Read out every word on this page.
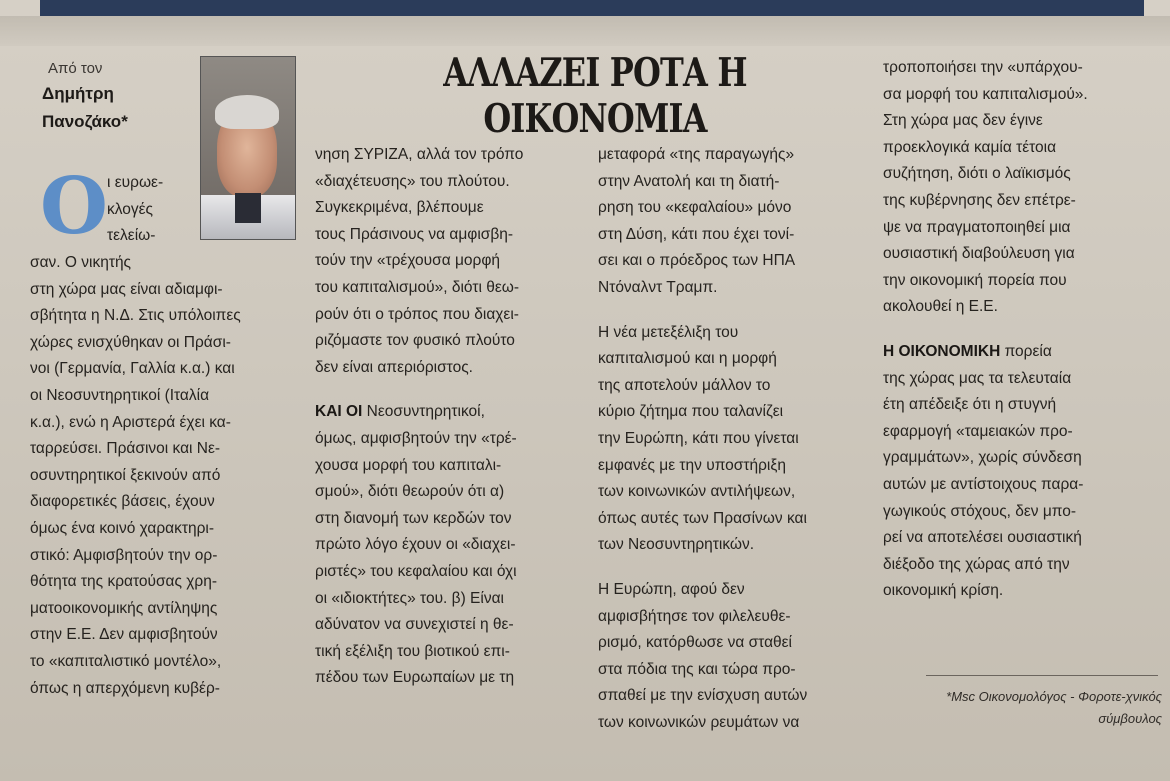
ΑΛΛΑΖΕΙ ΡΟΤΑ Η ΟΙΚΟΝΟΜΙΑ
Από τον
Δημήτρη
Πανοζάκο*
Ο ι ευρωε-
κλογές
τελείω-
σαν. Ο νικητής
στη χώρα μας είναι αδιαμφι-
σβήτητα η Ν.Δ. Στις υπόλοιπες
χώρες ενισχύθηκαν οι Πράσι-
νοι (Γερμανία, Γαλλία κ.α.) και
οι Νεοσυντηρητικοί (Ιταλία
κ.α.), ενώ η Αριστερά έχει κα-
ταρρεύσει. Πράσινοι και Νε-
οσυντηρητικοί ξεκινούν από
διαφορετικές βάσεις, έχουν
όμως ένα κοινό χαρακτηρι-
στικό: Αμφισβητούν την ορ-
θότητα της κρατούσας χρη-
ματοοικονομικής αντίληψης
στην Ε.Ε. Δεν αμφισβητούν
το «καπιταλιστικό μοντέλο»,
όπως η απερχόμενη κυβέρ-
νηση ΣΥΡΙΖΑ, αλλά τον τρόπο
«διαχέτευσης» του πλούτου.
Συγκεκριμένα, βλέπουμε
τους Πράσινους να αμφισβη-
τούν την «τρέχουσα μορφή
του καπιταλισμού», διότι θεω-
ρούν ότι ο τρόπος που διαχει-
ριζόμαστε τον φυσικό πλούτο
δεν είναι απεριόριστος.
ΚΑΙ ΟΙ Νεοσυντηρητικοί,
όμως, αμφισβητούν την «τρέ-
χουσα μορφή του καπιταλι-
σμού», διότι θεωρούν ότι α)
στη διανομή των κερδών τον
πρώτο λόγο έχουν οι «διαχει-
ριστές» του κεφαλαίου και όχι
οι «ιδιοκτήτες» του. β) Είναι
αδύνατον να συνεχιστεί η θε-
τική εξέλιξη του βιοτικού επι-
πέδου των Ευρωπαίων με τη
μεταφορά «της παραγωγής»
στην Ανατολή και τη διατή-
ρηση του «κεφαλαίου» μόνο
στη Δύση, κάτι που έχει τονί-
σει και ο πρόεδρος των ΗΠΑ
Ντόναλντ Τραμπ.
Η νέα μετεξέλιξη του
καπιταλισμού και η μορφή
της αποτελούν μάλλον το
κύριο ζήτημα που ταλανίζει
την Ευρώπη, κάτι που γίνεται
εμφανές με την υποστήριξη
των κοινωνικών αντιλήψεων,
όπως αυτές των Πρασίνων και
των Νεοσυντηρητικών.
Η Ευρώπη, αφού δεν
αμφισβήτησε τον φιλελευθε-
ρισμό, κατόρθωσε να σταθεί
στα πόδια της και τώρα προ-
σπαθεί με την ενίσχυση αυτών
των κοινωνικών ρευμάτων να
τροποποιήσει την «υπάρχου-
σα μορφή του καπιταλισμού».
Στη χώρα μας δεν έγινε
προεκλογικά καμία τέτοια
συζήτηση, διότι ο λαϊκισμός
της κυβέρνησης δεν επέτρε-
ψε να πραγματοποιηθεί μια
ουσιαστική διαβούλευση για
την οικονομική πορεία που
ακολουθεί η Ε.Ε.
Η ΟΙΚΟΝΟΜΙΚΗ πορεία
της χώρας μας τα τελευταία
έτη απέδειξε ότι η στυγνή
εφαρμογή «ταμειακών προ-
γραμμάτων», χωρίς σύνδεση
αυτών με αντίστοιχους παρα-
γωγικούς στόχους, δεν μπο-
ρεί να αποτελέσει ουσιαστική
διέξοδο της χώρας από την
οικονομική κρίση.
*Msc Οικονομολόγος - Φοροτε-χνικός σύμβουλος
